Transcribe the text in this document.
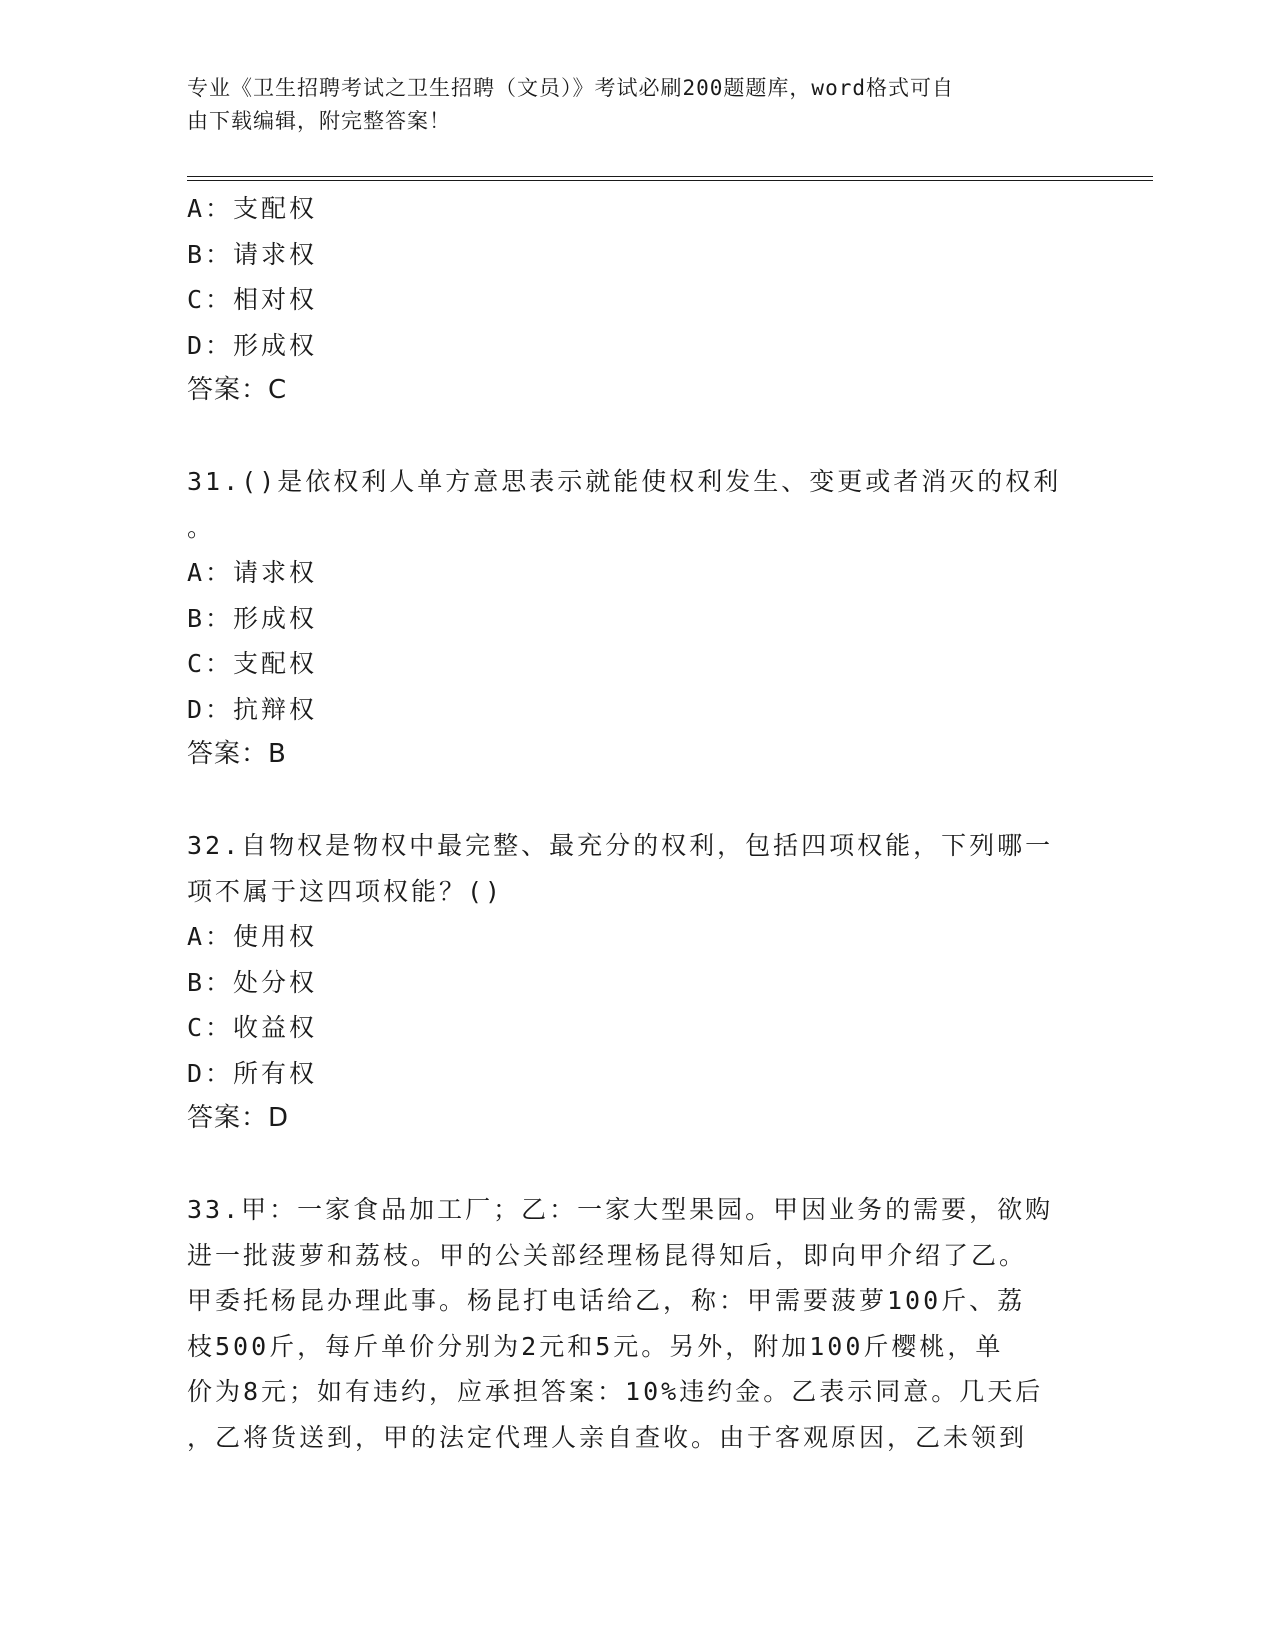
专业《卫生招聘考试之卫生招聘（文员）》考试必刷200题题库，word格式可自
由下载编辑，附完整答案！
A：支配权
B：请求权
C：相对权
D：形成权
答案：C
31.()是依权利人单方意思表示就能使权利发生、变更或者消灭的权利
。
A：请求权
B：形成权
C：支配权
D：抗辩权
答案：B
32.自物权是物权中最完整、最充分的权利，包括四项权能，下列哪一
项不属于这四项权能？()
A：使用权
B：处分权
C：收益权
D：所有权
答案：D
33.甲：一家食品加工厂；乙：一家大型果园。甲因业务的需要，欲购
进一批菠萝和荔枝。甲的公关部经理杨昆得知后，即向甲介绍了乙。
甲委托杨昆办理此事。杨昆打电话给乙，称：甲需要菠萝100斤、荔
枝500斤，每斤单价分别为2元和5元。另外，附加100斤樱桃，单
价为8元；如有违约，应承担答案：10%违约金。乙表示同意。几天后
，乙将货送到，甲的法定代理人亲自查收。由于客观原因，乙未领到
